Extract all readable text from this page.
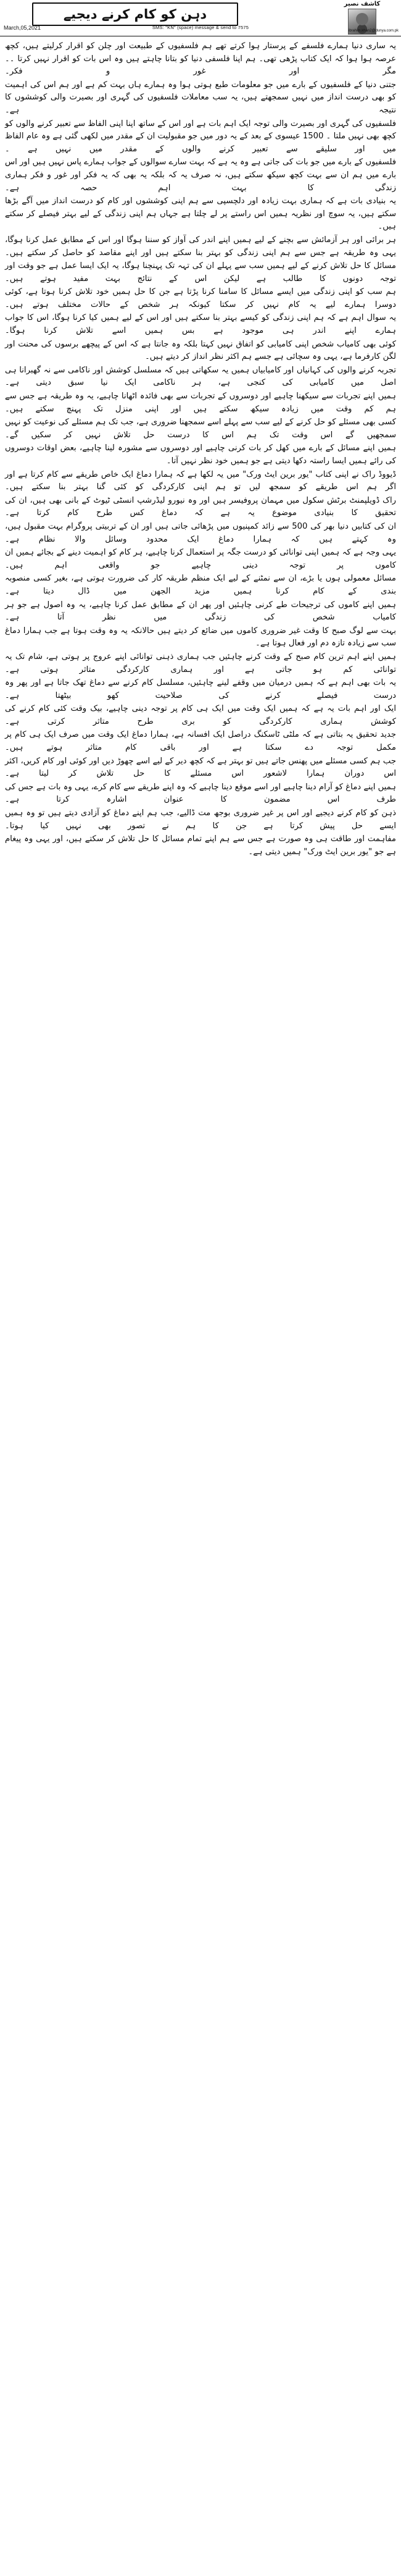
دہن کو کام کرنے دیجیے
کاشف نصیر
March,05,2021	SMS: "KN" (space) message & send to 7575
ibrahim.khan2@dunya.com.pk

یہ ساری دنیا ہمارے فلسفے کے پرستار ہوا کرتے تھے ہم فلسفیوں کے طبیعت اور چلن کو اقرار کرلیتے ہیں، کچھ عرصہ ہوا ہوا کہ ایک کتاب پڑھی تھی۔ ہم اپنا فلسفی دنیا کو بتانا چاہتے ہیں وہ اس بات کو اقرار نہیں کرتا ۔۔ مگر اور غور و فکر۔

جتنی دنیا کے فلسفیوں کے بارے میں جو معلومات طبع ہوتی ہوا وہ ہمارے ہاں بہت کم ہے اور ہم اس کی اہمیت کو بھی درست انداز میں نہیں سمجھتے ہیں، یہ سب معاملات فلسفیوں کی گہری اور بصیرت والی کوششوں کا نتیجہ ہے۔

فلسفیوں کی گہری اور بصیرت والی توجہ ایک اہم بات ہے اور اس کے ساتھ اپنا اپنی الفاظ سے تعبیر کرنے والوں کو کچھ بھی نہیں ملتا ۔ 1500 عیسوی کے بعد کے یہ دور میں جو مقبولیت ان کے مقدر میں لکھی گئی ہے وہ عام الفاظ میں اور سلیقے سے تعبیر کرنے والوں کے مقدر میں نہیں ہے ۔

فلسفیوں کے بارے میں جو بات کی جاتی ہے وہ یہ ہے کہ بہت سارے سوالوں کے جواب ہمارے پاس نہیں ہیں اور اس بارے میں ہم ان سے بہت کچھ سیکھ سکتے ہیں، نہ صرف یہ کہ بلکہ یہ بھی کہ یہ فکر اور غور و فکر ہماری زندگی کا بہت اہم حصہ ہے۔

یہ بنیادی بات ہے کہ ہماری بہت زیادہ اور دلچسپی سے ہم اپنی کوششوں اور کام کو درست انداز میں آگے بڑھا سکتے ہیں، یہ سوچ اور نظریہ ہمیں اس راستے پر لے چلتا ہے جہاں ہم اپنی زندگی کے لیے بہتر فیصلے کر سکتے ہیں۔

ہر برائی اور ہر آزمائش سے بچنے کے لیے ہمیں اپنے اندر کی آواز کو سننا ہوگا اور اس کے مطابق عمل کرنا ہوگا، یہی وہ طریقہ ہے جس سے ہم اپنی زندگی کو بہتر بنا سکتے ہیں اور اپنے مقاصد کو حاصل کر سکتے ہیں۔

مسائل کا حل تلاش کرنے کے لیے ہمیں سب سے پہلے ان کی تہہ تک پہنچنا ہوگا، یہ ایک ایسا عمل ہے جو وقت اور توجہ دونوں کا طالب ہے لیکن اس کے نتائج بہت مفید ہوتے ہیں۔

ہم سب کو اپنی زندگی میں ایسے مسائل کا سامنا کرنا پڑتا ہے جن کا حل ہمیں خود تلاش کرنا ہوتا ہے، کوئی دوسرا ہمارے لیے یہ کام نہیں کر سکتا کیونکہ ہر شخص کے حالات مختلف ہوتے ہیں۔

یہ سوال اہم ہے کہ ہم اپنی زندگی کو کیسے بہتر بنا سکتے ہیں اور اس کے لیے ہمیں کیا کرنا ہوگا، اس کا جواب ہمارے اپنے اندر ہی موجود ہے بس ہمیں اسے تلاش کرنا ہوگا۔

کوئی بھی کامیاب شخص اپنی کامیابی کو اتفاق نہیں کہتا بلکہ وہ جانتا ہے کہ اس کے پیچھے برسوں کی محنت اور لگن کارفرما ہے، یہی وہ سچائی ہے جسے ہم اکثر نظر انداز کر دیتے ہیں۔

تجربہ کرنے والوں کی کہانیاں اور کامیابیاں ہمیں یہ سکھاتی ہیں کہ مسلسل کوشش اور ناکامی سے نہ گھبرانا ہی اصل میں کامیابی کی کنجی ہے، ہر ناکامی ایک نیا سبق دیتی ہے۔

ہمیں اپنے تجربات سے سیکھنا چاہیے اور دوسروں کے تجربات سے بھی فائدہ اٹھانا چاہیے، یہ وہ طریقہ ہے جس سے ہم کم وقت میں زیادہ سیکھ سکتے ہیں اور اپنی منزل تک پہنچ سکتے ہیں۔

کسی بھی مسئلے کو حل کرنے کے لیے سب سے پہلے اسے سمجھنا ضروری ہے، جب تک ہم مسئلے کی نوعیت کو نہیں سمجھیں گے اس وقت تک ہم اس کا درست حل تلاش نہیں کر سکیں گے۔

ہمیں اپنے مسائل کے بارے میں کھل کر بات کرنی چاہیے اور دوسروں سے مشورہ لینا چاہیے، بعض اوقات دوسروں کی رائے ہمیں ایسا راستہ دکھا دیتی ہے جو ہمیں خود نظر نہیں آتا۔

ڈیووڈ راک نے اپنی کتاب "یور برین ایٹ ورک" میں یہ لکھا ہے کہ ہمارا دماغ ایک خاص طریقے سے کام کرتا ہے اور اگر ہم اس طریقے کو سمجھ لیں تو ہم اپنی کارکردگی کو کئی گنا بہتر بنا سکتے ہیں۔

راک ڈویلپمنٹ برٹش سکول میں مہمان پروفیسر ہیں اور وہ نیورو لیڈرشپ انسٹی ٹیوٹ کے بانی بھی ہیں، ان کی تحقیق کا بنیادی موضوع یہ ہے کہ دماغ کس طرح کام کرتا ہے۔

ان کی کتابیں دنیا بھر کی 500 سے زائد کمپنیوں میں پڑھائی جاتی ہیں اور ان کے تربیتی پروگرام بہت مقبول ہیں، وہ کہتے ہیں کہ ہمارا دماغ ایک محدود وسائل والا نظام ہے۔

یہی وجہ ہے کہ ہمیں اپنی توانائی کو درست جگہ پر استعمال کرنا چاہیے، ہر کام کو اہمیت دینے کے بجائے ہمیں ان کاموں پر توجہ دینی چاہیے جو واقعی اہم ہیں۔

مسائل معمولی ہوں یا بڑے، ان سے نمٹنے کے لیے ایک منظم طریقہ کار کی ضرورت ہوتی ہے، بغیر کسی منصوبہ بندی کے کام کرنا ہمیں مزید الجھن میں ڈال دیتا ہے۔

ہمیں اپنے کاموں کی ترجیحات طے کرنی چاہئیں اور پھر ان کے مطابق عمل کرنا چاہیے، یہ وہ اصول ہے جو ہر کامیاب شخص کی زندگی میں نظر آتا ہے۔

بہت سے لوگ صبح کا وقت غیر ضروری کاموں میں ضائع کر دیتے ہیں حالانکہ یہ وہ وقت ہوتا ہے جب ہمارا دماغ سب سے زیادہ تازہ دم اور فعال ہوتا ہے۔

ہمیں اپنے اہم ترین کام صبح کے وقت کرنے چاہئیں جب ہماری ذہنی توانائی اپنے عروج پر ہوتی ہے، شام تک یہ توانائی کم ہو جاتی ہے اور ہماری کارکردگی متاثر ہوتی ہے۔

یہ بات بھی اہم ہے کہ ہمیں درمیان میں وقفے لینے چاہئیں، مسلسل کام کرنے سے دماغ تھک جاتا ہے اور پھر وہ درست فیصلے کرنے کی صلاحیت کھو بیٹھتا ہے۔

ایک اور اہم بات یہ ہے کہ ہمیں ایک وقت میں ایک ہی کام پر توجہ دینی چاہیے، بیک وقت کئی کام کرنے کی کوشش ہماری کارکردگی کو بری طرح متاثر کرتی ہے۔

جدید تحقیق یہ بتاتی ہے کہ ملٹی ٹاسکنگ دراصل ایک افسانہ ہے، ہمارا دماغ ایک وقت میں صرف ایک ہی کام پر مکمل توجہ دے سکتا ہے اور باقی کام متاثر ہوتے ہیں۔

جب ہم کسی مسئلے میں پھنس جاتے ہیں تو بہتر ہے کہ کچھ دیر کے لیے اسے چھوڑ دیں اور کوئی اور کام کریں، اکثر اس دوران ہمارا لاشعور اس مسئلے کا حل تلاش کر لیتا ہے۔

ہمیں اپنے دماغ کو آرام دینا چاہیے اور اسے موقع دینا چاہیے کہ وہ اپنے طریقے سے کام کرے، یہی وہ بات ہے جس کی طرف اس مضمون کا عنوان اشارہ کرتا ہے۔

ذہن کو کام کرنے دیجیے اور اس پر غیر ضروری بوجھ مت ڈالیے، جب ہم اپنے دماغ کو آزادی دیتے ہیں تو وہ ہمیں ایسے حل پیش کرتا ہے جن کا ہم نے تصور بھی نہیں کیا ہوتا۔

مفاہمت اور طاقت ہی وہ صورت ہے جس سے ہم اپنے تمام مسائل کا حل تلاش کر سکتے ہیں، اور یہی وہ پیغام ہے جو "یور برین ایٹ ورک" ہمیں دیتی ہے۔
